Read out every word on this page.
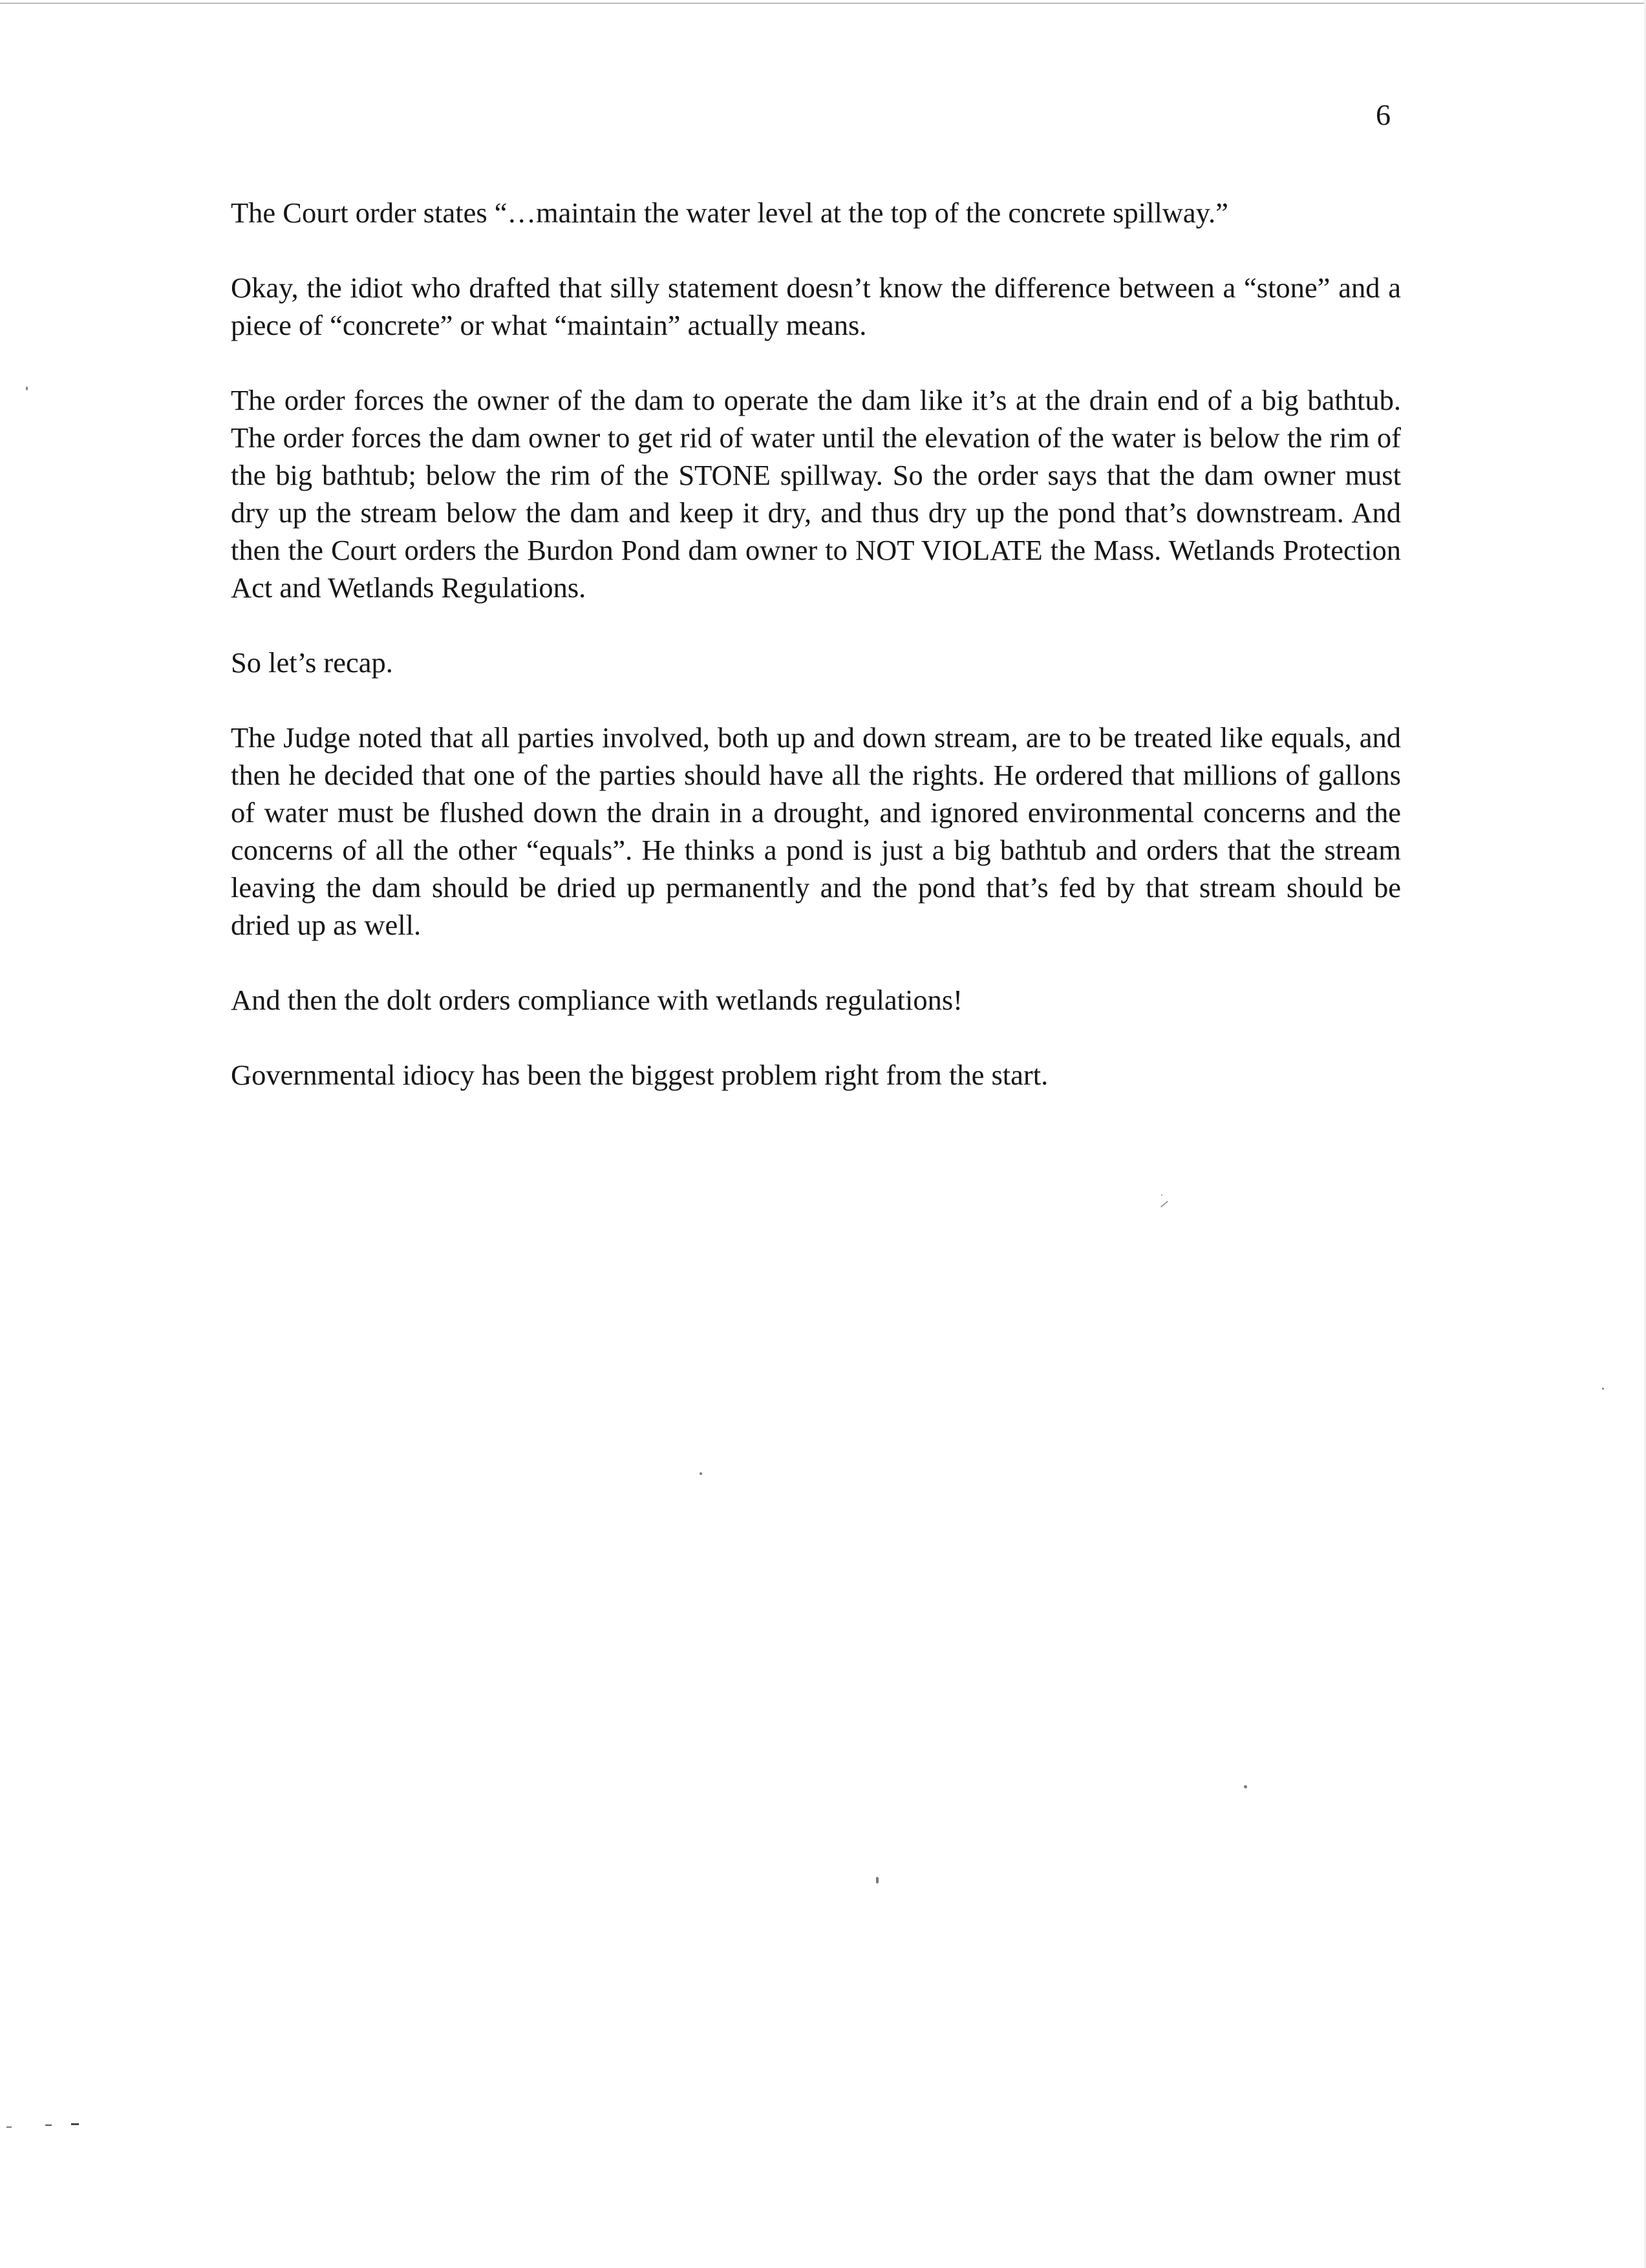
6

The Court order states “…maintain the water level at the top of the concrete spillway.”

Okay, the idiot who drafted that silly statement doesn’t know the difference between a “stone” and a piece of “concrete” or what “maintain” actually means.

The order forces the owner of the dam to operate the dam like it’s at the drain end of a big bathtub. The order forces the dam owner to get rid of water until the elevation of the water is below the rim of the big bathtub; below the rim of the STONE spillway. So the order says that the dam owner must dry up the stream below the dam and keep it dry, and thus dry up the pond that’s downstream. And then the Court orders the Burdon Pond dam owner to NOT VIOLATE the Mass. Wetlands Protection Act and Wetlands Regulations.

So let’s recap.

The Judge noted that all parties involved, both up and down stream, are to be treated like equals, and then he decided that one of the parties should have all the rights. He ordered that millions of gallons of water must be flushed down the drain in a drought, and ignored environmental concerns and the concerns of all the other “equals”. He thinks a pond is just a big bathtub and orders that the stream leaving the dam should be dried up permanently and the pond that’s fed by that stream should be dried up as well.

And then the dolt orders compliance with wetlands regulations!

Governmental idiocy has been the biggest problem right from the start.
